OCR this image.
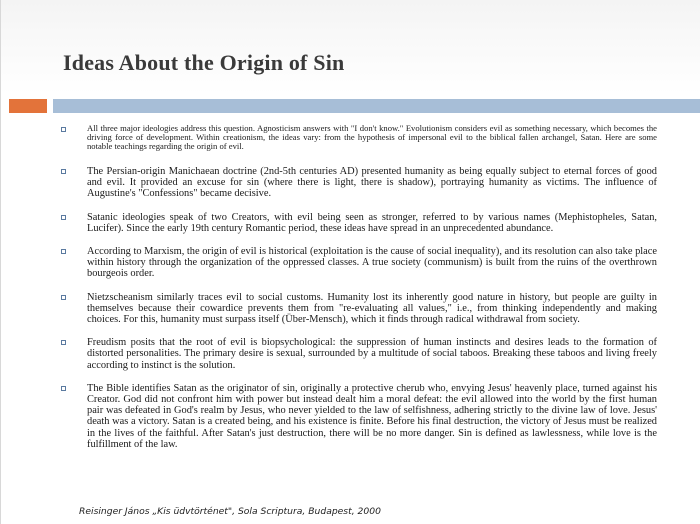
Ideas About the Origin of Sin
All three major ideologies address this question. Agnosticism answers with "I don't know." Evolutionism considers evil as something necessary, which becomes the driving force of development. Within creationism, the ideas vary: from the hypothesis of impersonal evil to the biblical fallen archangel, Satan. Here are some notable teachings regarding the origin of evil.
The Persian-origin Manichaean doctrine (2nd-5th centuries AD) presented humanity as being equally subject to eternal forces of good and evil. It provided an excuse for sin (where there is light, there is shadow), portraying humanity as victims. The influence of Augustine's "Confessions" became decisive.
Satanic ideologies speak of two Creators, with evil being seen as stronger, referred to by various names (Mephistopheles, Satan, Lucifer). Since the early 19th century Romantic period, these ideas have spread in an unprecedented abundance.
According to Marxism, the origin of evil is historical (exploitation is the cause of social inequality), and its resolution can also take place within history through the organization of the oppressed classes. A true society (communism) is built from the ruins of the overthrown bourgeois order.
Nietzscheanism similarly traces evil to social customs. Humanity lost its inherently good nature in history, but people are guilty in themselves because their cowardice prevents them from "re-evaluating all values," i.e., from thinking independently and making choices. For this, humanity must surpass itself (Über-Mensch), which it finds through radical withdrawal from society.
Freudism posits that the root of evil is biopsychological: the suppression of human instincts and desires leads to the formation of distorted personalities. The primary desire is sexual, surrounded by a multitude of social taboos. Breaking these taboos and living freely according to instinct is the solution.
The Bible identifies Satan as the originator of sin, originally a protective cherub who, envying Jesus' heavenly place, turned against his Creator. God did not confront him with power but instead dealt him a moral defeat: the evil allowed into the world by the first human pair was defeated in God's realm by Jesus, who never yielded to the law of selfishness, adhering strictly to the divine law of love. Jesus' death was a victory. Satan is a created being, and his existence is finite. Before his final destruction, the victory of Jesus must be realized in the lives of the faithful. After Satan's just destruction, there will be no more danger. Sin is defined as lawlessness, while love is the fulfillment of the law.
Reisinger János „Kis üdvtörténet", Sola Scriptura, Budapest, 2000
